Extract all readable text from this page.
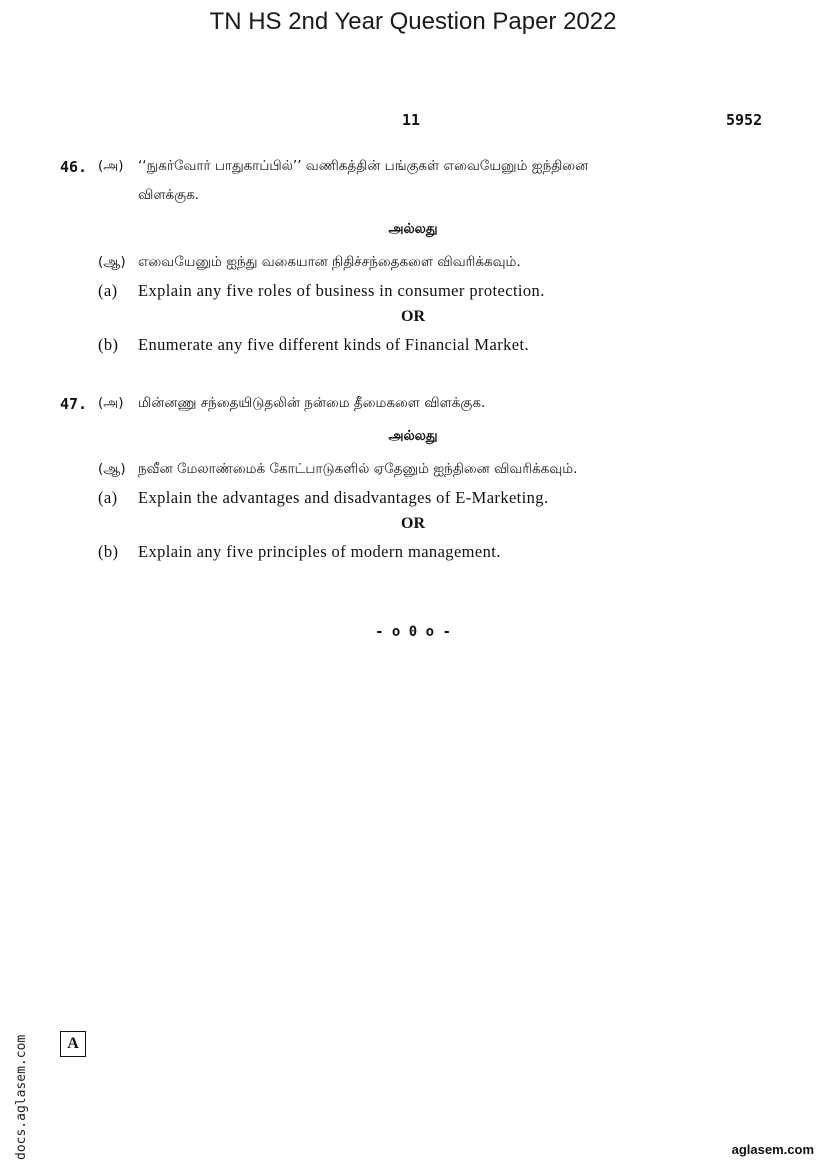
TN HS 2nd Year Question Paper 2022
11	5952
46. (அ) ‘‘நுகர்வோர் பாதுகாப்பில்’’ வணிகத்தின் பங்குகள் எவையேனும் ஐந்தினை
விளக்குக.
அல்லது
(ஆ) எவையேனும் ஐந்து வகையான நிதிச்சந்தைகளை விவரிக்கவும்.
(a) Explain any five roles of business in consumer protection.
OR
(b) Enumerate any five different kinds of Financial Market.
47. (அ) மின்னணு சந்தையிடுதலின் நன்மை தீமைகளை விளக்குக.
அல்லது
(ஆ) நவீன மேலாண்மைக் கோட்பாடுகளில் ஏதேனும் ஐந்தினை விவரிக்கவும்.
(a) Explain the advantages and disadvantages of E-Marketing.
OR
(b) Explain any five principles of modern management.
- o 0 o -
docs.aglasem.com	A
aglasem.com
